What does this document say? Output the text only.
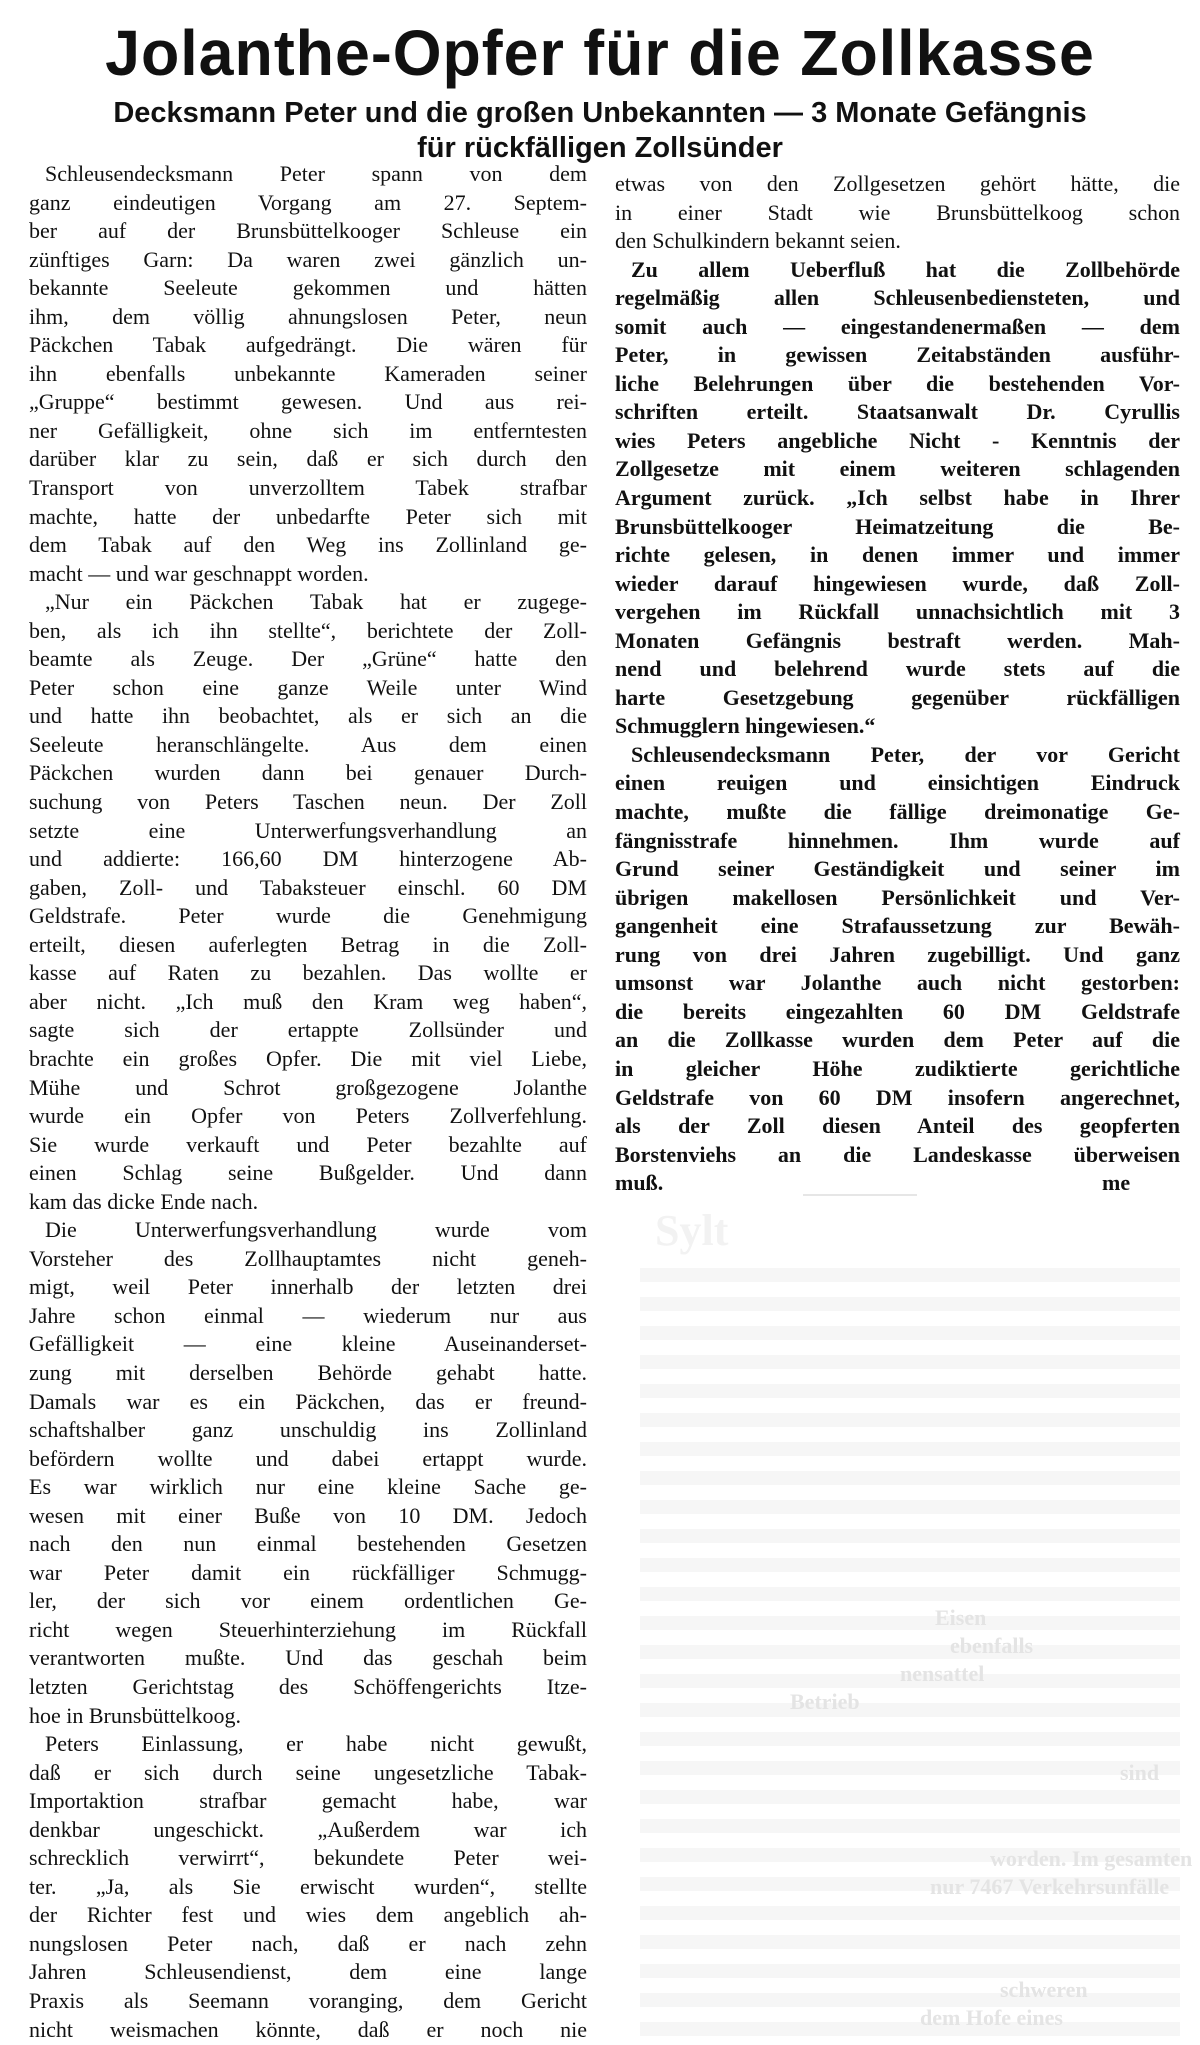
Jolanthe-Opfer für die Zollkasse
Decksmann Peter und die großen Unbekannten — 3 Monate Gefängnis
für rückfälligen Zollsünder
Schleusendecksmann Peter spann von dem
ganz eindeutigen Vorgang am 27. Septem-
ber auf der Brunsbüttelkooger Schleuse ein
zünftiges Garn: Da waren zwei gänzlich un-
bekannte Seeleute gekommen und hätten
ihm, dem völlig ahnungslosen Peter, neun
Päckchen Tabak aufgedrängt. Die wären für
ihn ebenfalls unbekannte Kameraden seiner
„Gruppe“ bestimmt gewesen. Und aus rei-
ner Gefälligkeit, ohne sich im entferntesten
darüber klar zu sein, daß er sich durch den
Transport von unverzolltem Tabek strafbar
machte, hatte der unbedarfte Peter sich mit
dem Tabak auf den Weg ins Zollinland ge-
macht — und war geschnappt worden.
„Nur ein Päckchen Tabak hat er zugege-
ben, als ich ihn stellte“, berichtete der Zoll-
beamte als Zeuge. Der „Grüne“ hatte den
Peter schon eine ganze Weile unter Wind
und hatte ihn beobachtet, als er sich an die
Seeleute heranschlängelte. Aus dem einen
Päckchen wurden dann bei genauer Durch-
suchung von Peters Taschen neun. Der Zoll
setzte eine Unterwerfungsverhandlung an
und addierte: 166,60 DM hinterzogene Ab-
gaben, Zoll- und Tabaksteuer einschl. 60 DM
Geldstrafe. Peter wurde die Genehmigung
erteilt, diesen auferlegten Betrag in die Zoll-
kasse auf Raten zu bezahlen. Das wollte er
aber nicht. „Ich muß den Kram weg haben“,
sagte sich der ertappte Zollsünder und
brachte ein großes Opfer. Die mit viel Liebe,
Mühe und Schrot großgezogene Jolanthe
wurde ein Opfer von Peters Zollverfehlung.
Sie wurde verkauft und Peter bezahlte auf
einen Schlag seine Bußgelder. Und dann
kam das dicke Ende nach.
Die Unterwerfungsverhandlung wurde vom
Vorsteher des Zollhauptamtes nicht geneh-
migt, weil Peter innerhalb der letzten drei
Jahre schon einmal — wiederum nur aus
Gefälligkeit — eine kleine Auseinanderset-
zung mit derselben Behörde gehabt hatte.
Damals war es ein Päckchen, das er freund-
schaftshalber ganz unschuldig ins Zollinland
befördern wollte und dabei ertappt wurde.
Es war wirklich nur eine kleine Sache ge-
wesen mit einer Buße von 10 DM. Jedoch
nach den nun einmal bestehenden Gesetzen
war Peter damit ein rückfälliger Schmugg-
ler, der sich vor einem ordentlichen Ge-
richt wegen Steuerhinterziehung im Rückfall
verantworten mußte. Und das geschah beim
letzten Gerichtstag des Schöffengerichts Itze-
hoe in Brunsbüttelkoog.
Peters Einlassung, er habe nicht gewußt,
daß er sich durch seine ungesetzliche Tabak-
Importaktion strafbar gemacht habe, war
denkbar ungeschickt. „Außerdem war ich
schrecklich verwirrt“, bekundete Peter wei-
ter. „Ja, als Sie erwischt wurden“, stellte
der Richter fest und wies dem angeblich ah-
nungslosen Peter nach, daß er nach zehn
Jahren Schleusendienst, dem eine lange
Praxis als Seemann voranging, dem Gericht
nicht weismachen könnte, daß er noch nie
etwas von den Zollgesetzen gehört hätte, die
in einer Stadt wie Brunsbüttelkoog schon
den Schulkindern bekannt seien.
Zu allem Ueberfluß hat die Zollbehörde
regelmäßig allen Schleusenbediensteten, und
somit auch — eingestandenermaßen — dem
Peter, in gewissen Zeitabständen ausführ-
liche Belehrungen über die bestehenden Vor-
schriften erteilt. Staatsanwalt Dr. Cyrullis
wies Peters angebliche Nicht - Kenntnis der
Zollgesetze mit einem weiteren schlagenden
Argument zurück. „Ich selbst habe in Ihrer
Brunsbüttelkooger Heimatzeitung die Be-
richte gelesen, in denen immer und immer
wieder darauf hingewiesen wurde, daß Zoll-
vergehen im Rückfall unnachsichtlich mit 3
Monaten Gefängnis bestraft werden. Mah-
nend und belehrend wurde stets auf die
harte Gesetzgebung gegenüber rückfälligen
Schmugglern hingewiesen.“
Schleusendecksmann Peter, der vor Gericht
einen reuigen und einsichtigen Eindruck
machte, mußte die fällige dreimonatige Ge-
fängnisstrafe hinnehmen. Ihm wurde auf
Grund seiner Geständigkeit und seiner im
übrigen makellosen Persönlichkeit und Ver-
gangenheit eine Strafaussetzung zur Bewäh-
rung von drei Jahren zugebilligt. Und ganz
umsonst war Jolanthe auch nicht gestorben:
die bereits eingezahlten 60 DM Geldstrafe
an die Zollkasse wurden dem Peter auf die
in gleicher Höhe zudiktierte gerichtliche
Geldstrafe von 60 DM insofern angerechnet,
als der Zoll diesen Anteil des geopferten
Borstenviehs an die Landeskasse überweisen
muß.	me
Sylt
Eisen
ebenfalls
nensattel
Betrieb
sind
worden. Im gesamten
nur 7467 Verkehrsunfälle
schweren
dem Hofe eines
